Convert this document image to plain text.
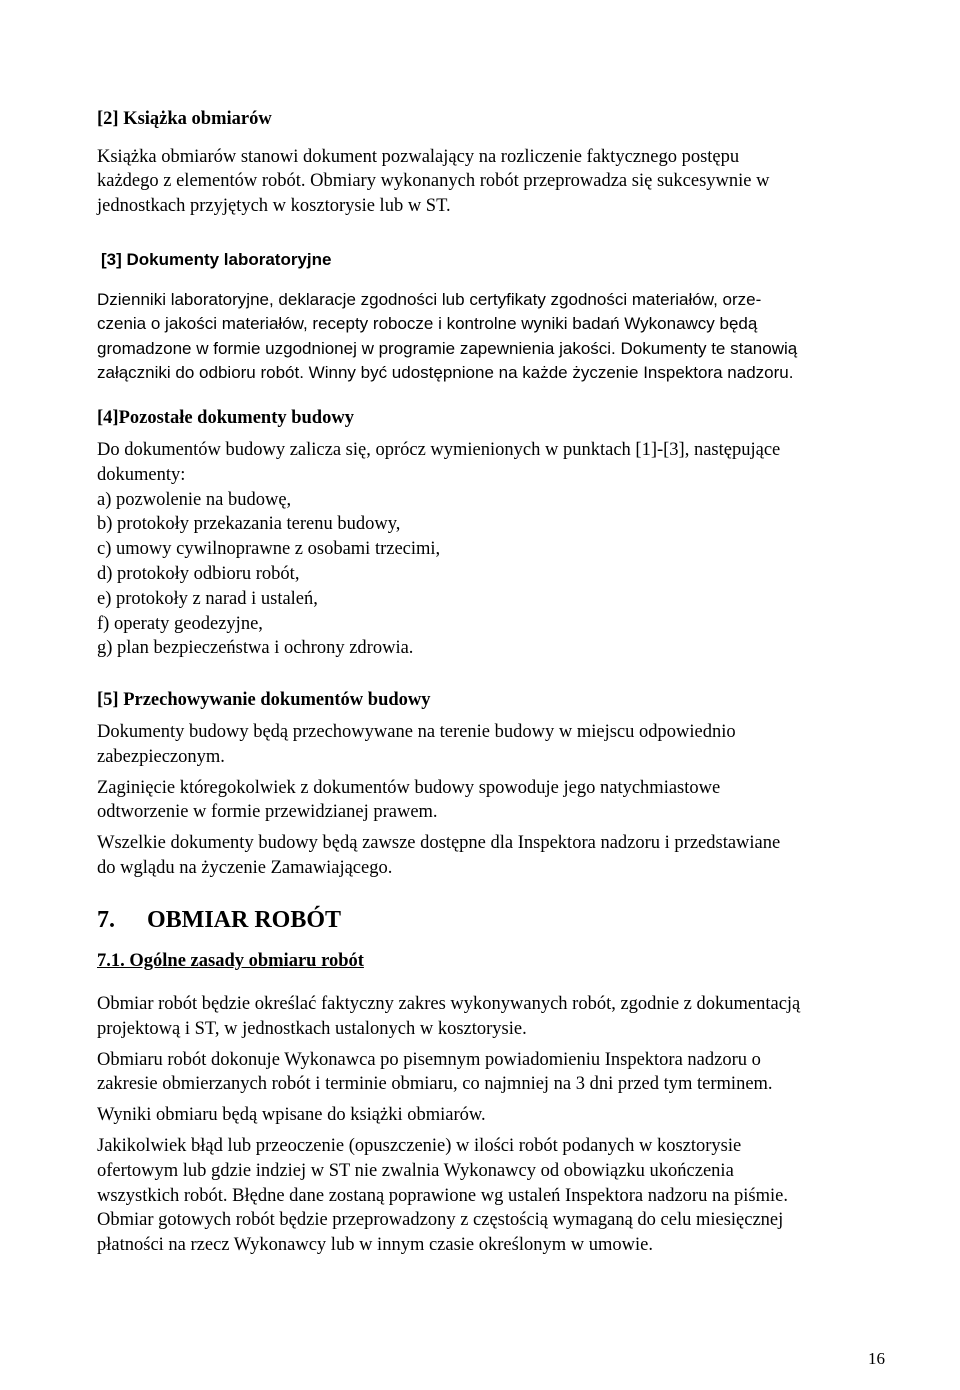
[2] Książka obmiarów

Książka obmiarów stanowi dokument pozwalający na rozliczenie faktycznego postępu
każdego z elementów robót. Obmiary wykonanych robót przeprowadza się sukcesywnie w
jednostkach przyjętych w kosztorysie lub w ST.

[3] Dokumenty laboratoryjne

Dzienniki laboratoryjne, deklaracje zgodności lub certyfikaty zgodności materiałów, orze-
czenia o jakości materiałów, recepty robocze i kontrolne wyniki badań Wykonawcy będą
gromadzone w formie uzgodnionej w programie zapewnienia jakości. Dokumenty te stanowią
załączniki do odbioru robót. Winny być udostępnione na każde życzenie Inspektora nadzoru.

[4]Pozostałe dokumenty budowy

Do dokumentów budowy zalicza się, oprócz wymienionych w punktach [1]-[3], następujące
dokumenty:
a) pozwolenie na budowę,
b) protokoły przekazania terenu budowy,
c) umowy cywilnoprawne z osobami trzecimi,
d) protokoły odbioru robót,
e) protokoły z narad i ustaleń,
f) operaty geodezyjne,
g) plan bezpieczeństwa i ochrony zdrowia.

[5] Przechowywanie dokumentów budowy

Dokumenty budowy będą przechowywane na terenie budowy w miejscu odpowiednio
zabezpieczonym.
Zaginięcie któregokolwiek z dokumentów budowy spowoduje jego natychmiastowe
odtworzenie w formie przewidzianej prawem.
Wszelkie dokumenty budowy będą zawsze dostępne dla Inspektora nadzoru i przedstawiane
do wglądu na życzenie Zamawiającego.

7. OBMIAR ROBÓT

7.1. Ogólne zasady obmiaru robót

Obmiar robót będzie określać faktyczny zakres wykonywanych robót, zgodnie z dokumentacją
projektową i ST, w jednostkach ustalonych w kosztorysie.
Obmiaru robót dokonuje Wykonawca po pisemnym powiadomieniu Inspektora nadzoru o
zakresie obmierzanych robót i terminie obmiaru, co najmniej na 3 dni przed tym terminem.
Wyniki obmiaru będą wpisane do książki obmiarów.
Jakikolwiek błąd lub przeoczenie (opuszczenie) w ilości robót podanych w kosztorysie
ofertowym lub gdzie indziej w ST nie zwalnia Wykonawcy od obowiązku ukończenia
wszystkich robót. Błędne dane zostaną poprawione wg ustaleń Inspektora nadzoru na piśmie.
Obmiar gotowych robót będzie przeprowadzony z częstością wymaganą do celu miesięcznej
płatności na rzecz Wykonawcy lub w innym czasie określonym w umowie.
16
